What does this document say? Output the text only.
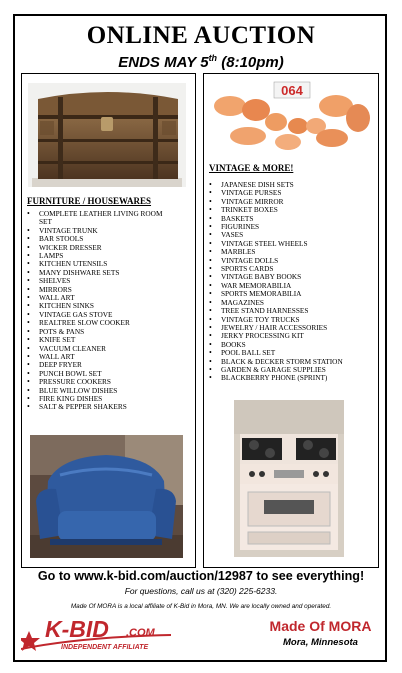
ONLINE AUCTION
ENDS MAY 5th (8:10pm)
FURNITURE / HOUSEWARES
• COMPLETE LEATHER LIVING ROOM
SET
• VINTAGE TRUNK
• BAR STOOLS
• WICKER DRESSER
• LAMPS
• KITCHEN UTENSILS
• MANY DISHWARE SETS
• SHELVES
• MIRRORS
• WALL ART
• KITCHEN SINKS
• VINTAGE GAS STOVE
• REALTREE SLOW COOKER
• POTS & PANS
• KNIFE SET
• VACUUM CLEANER
• WALL ART
• DEEP FRYER
• PUNCH BOWL SET
• PRESSURE COOKERS
• BLUE WILLOW DISHES
• FIRE KING DISHES
• SALT & PEPPER SHAKERS
064
VINTAGE & MORE!
• JAPANESE DISH SETS
• VINTAGE PURSES
• VINTAGE MIRROR
• TRINKET BOXES
• BASKETS
• FIGURINES
• VASES
• VINTAGE STEEL WHEELS
• MARBLES
• VINTAGE DOLLS
• SPORTS CARDS
• VINTAGE BABY BOOKS
• WAR MEMORABILIA
• SPORTS MEMORABILIA
• MAGAZINES
• TREE STAND HARNESSES
• VINTAGE TOY TRUCKS
• JEWELRY / HAIR ACCESSORIES
• JERKY PROCESSING KIT
• BOOKS
• POOL BALL SET
• BLACK & DECKER STORM STATION
• GARDEN & GARAGE SUPPLIES
• BLACKBERRY PHONE (SPRINT)
Go to www.k-bid.com/auction/12987 to see everything!
For questions, call us at (320) 225-6233.
Made Of MORA is a local affiliate of K-Bid in Mora, MN. We are locally owned and operated.
K-BID .COM
INDEPENDENT AFFILIATE
Made Of MORA
Mora, Minnesota
